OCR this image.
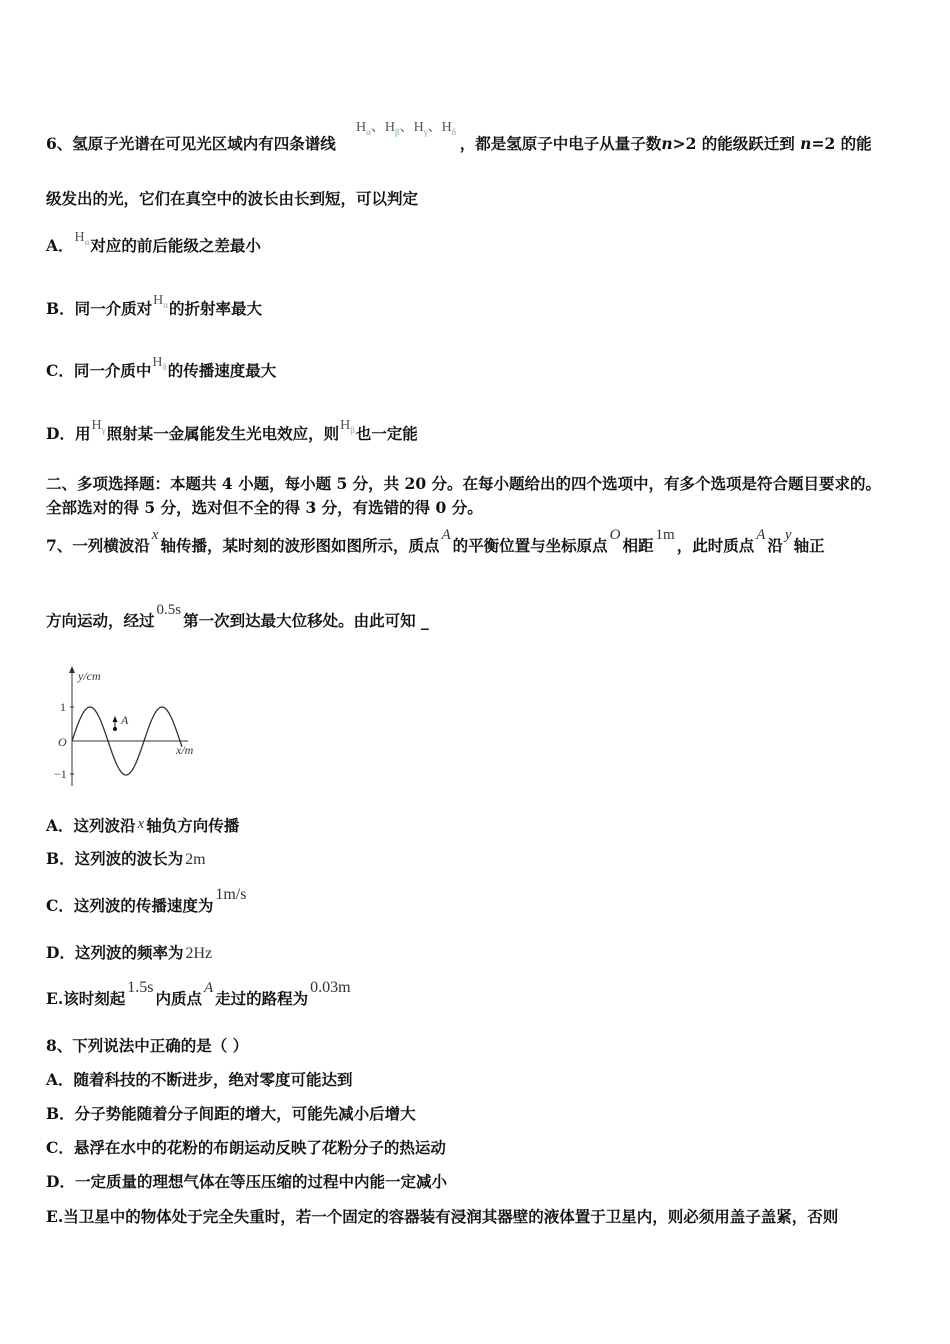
$H_\alpha$、$H_\beta$、$H_\gamma$、$H_\delta$
6、氢原子光谱在可见光区域内有四条谱线	，都是氢原子中电子从量子数n>2 的能级跃迁到 n=2 的能
级发出的光，它们在真空中的波长由长到短，可以判定
A．$H_\alpha$对应的前后能级之差最小
B．同一介质对$H_\alpha$的折射率最大
C．同一介质中$H_\delta$的传播速度最大
D．用$H_\gamma$照射某一金属能发生光电效应，则$H_\beta$也一定能
二、多项选择题：本题共 4 小题，每小题 5 分，共 20 分。在每小题给出的四个选项中，有多个选项是符合题目要求的。
全部选对的得 5 分，选对但不全的得 3 分，有选错的得 0 分。
7、一列横波沿x轴传播，某时刻的波形图如图所示，质点A的平衡位置与坐标原点O相距1m，此时质点A沿y轴正
方向运动，经过0.5s第一次到达最大位移处。由此可知 _
y/cm
x/m
1
−1
O
A
A．这列波沿 x 轴负方向传播
B．这列波的波长为 2m
C．这列波的传播速度为1m/s
D．这列波的频率为 2Hz
E.该时刻起1.5s内质点A走过的路程为0.03m
8、下列说法中正确的是（ ）
A．随着科技的不断进步，绝对零度可能达到
B．分子势能随着分子间距的增大，可能先减小后增大
C．悬浮在水中的花粉的布朗运动反映了花粉分子的热运动
D．一定质量的理想气体在等压压缩的过程中内能一定减小
E.当卫星中的物体处于完全失重时，若一个固定的容器装有浸润其器壁的液体置于卫星内，则必须用盖子盖紧，否则
